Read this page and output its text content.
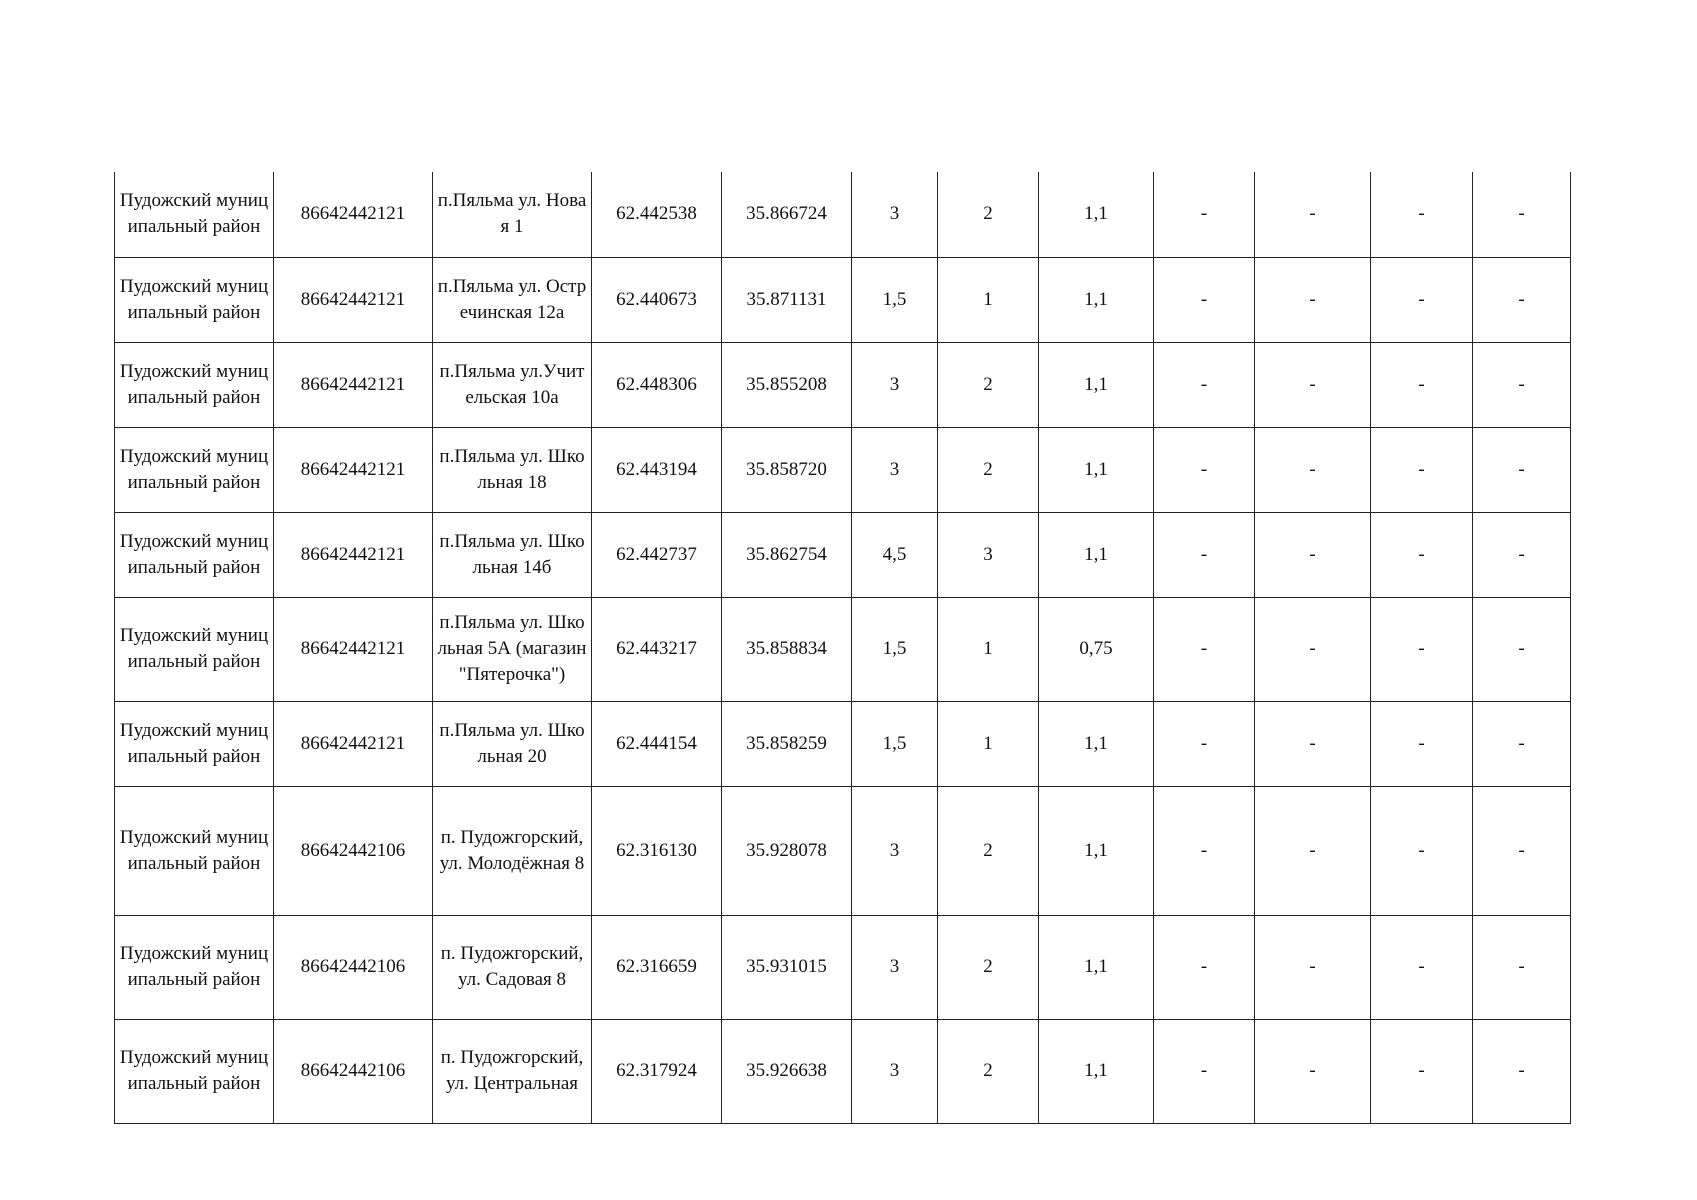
Пудожский муниципальный район	86642442121	п.Пяльма ул. Новая 1	62.442538	35.866724	3	2	1,1	-	-	-	-
Пудожский муниципальный район	86642442121	п.Пяльма ул. Остречинская 12а	62.440673	35.871131	1,5	1	1,1	-	-	-	-
Пудожский муниципальный район	86642442121	п.Пяльма ул.Учительская 10а	62.448306	35.855208	3	2	1,1	-	-	-	-
Пудожский муниципальный район	86642442121	п.Пяльма ул. Школьная 18	62.443194	35.858720	3	2	1,1	-	-	-	-
Пудожский муниципальный район	86642442121	п.Пяльма ул. Школьная 14б	62.442737	35.862754	4,5	3	1,1	-	-	-	-
Пудожский муниципальный район	86642442121	п.Пяльма ул. Школьная 5А (магазин "Пятерочка")	62.443217	35.858834	1,5	1	0,75	-	-	-	-
Пудожский муниципальный район	86642442121	п.Пяльма ул. Школьная 20	62.444154	35.858259	1,5	1	1,1	-	-	-	-
Пудожский муниципальный район	86642442106	п. Пудожгорский, ул. Молодёжная 8	62.316130	35.928078	3	2	1,1	-	-	-	-
Пудожский муниципальный район	86642442106	п. Пудожгорский, ул. Садовая 8	62.316659	35.931015	3	2	1,1	-	-	-	-
Пудожский муниципальный район	86642442106	п. Пудожгорский, ул. Центральная	62.317924	35.926638	3	2	1,1	-	-	-	-
